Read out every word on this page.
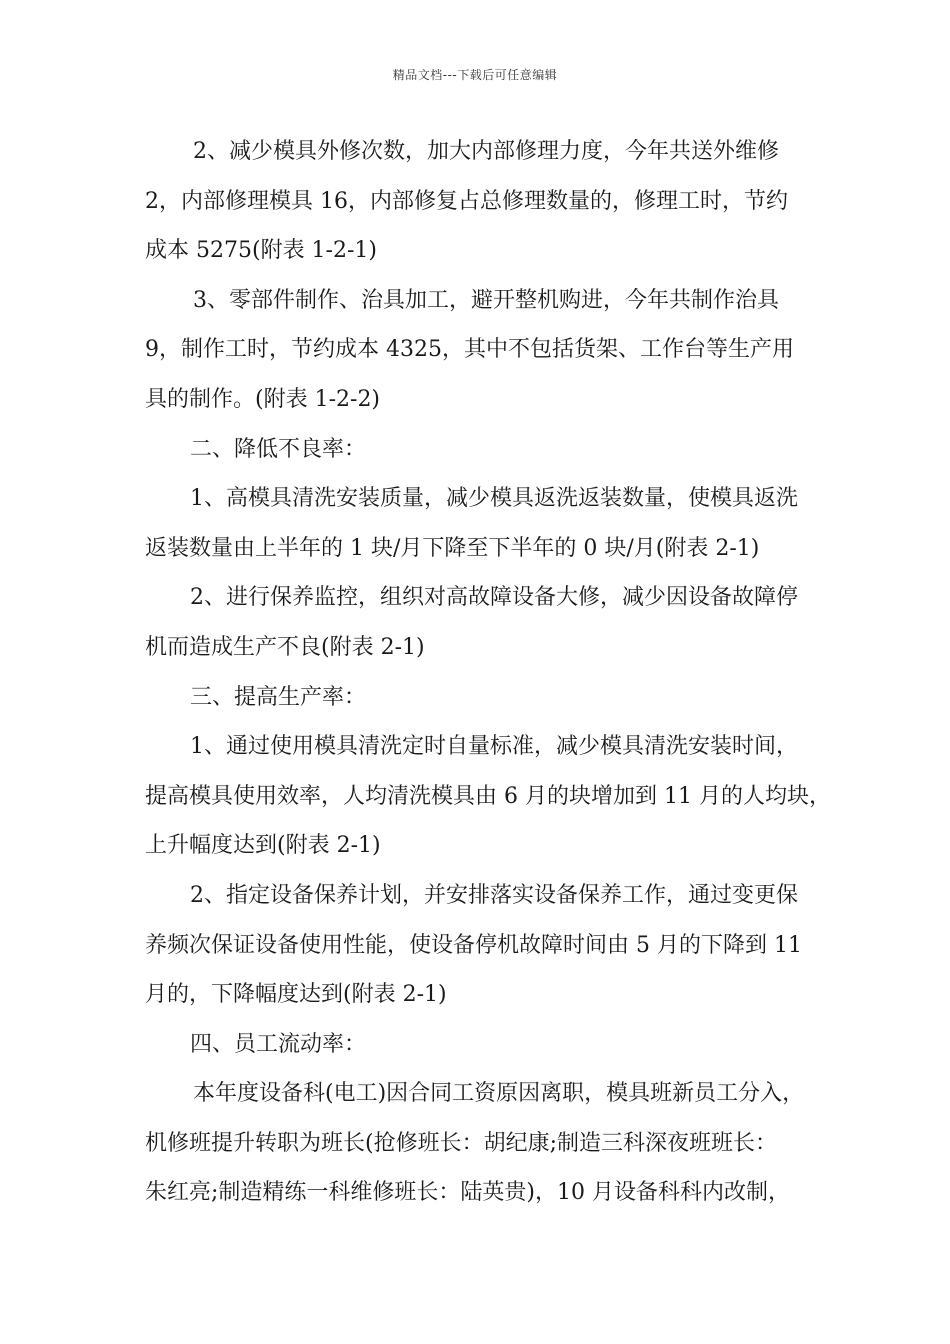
精品文档---下载后可任意编辑
2、减少模具外修次数，加大内部修理力度，今年共送外维修
2，内部修理模具 16，内部修复占总修理数量的，修理工时，节约
成本 5275(附表 1-2-1)
3、零部件制作、治具加工，避开整机购进，今年共制作治具
9，制作工时，节约成本 4325，其中不包括货架、工作台等生产用
具的制作。(附表 1-2-2)
二、降低不良率：
1、高模具清洗安装质量，减少模具返洗返装数量，使模具返洗
返装数量由上半年的 1 块/月下降至下半年的 0 块/月(附表 2-1)
2、进行保养监控，组织对高故障设备大修，减少因设备故障停
机而造成生产不良(附表 2-1)
三、提高生产率：
1、通过使用模具清洗定时自量标准，减少模具清洗安装时间，
提高模具使用效率，人均清洗模具由 6 月的块增加到 11 月的人均块，
上升幅度达到(附表 2-1)
2、指定设备保养计划，并安排落实设备保养工作，通过变更保
养频次保证设备使用性能，使设备停机故障时间由 5 月的下降到 11
月的，下降幅度达到(附表 2-1)
四、员工流动率：
本年度设备科(电工)因合同工资原因离职，模具班新员工分入，
机修班提升转职为班长(抢修班长：胡纪康;制造三科深夜班班长：
朱红亮;制造精练一科维修班长：陆英贵)，10 月设备科科内改制，
